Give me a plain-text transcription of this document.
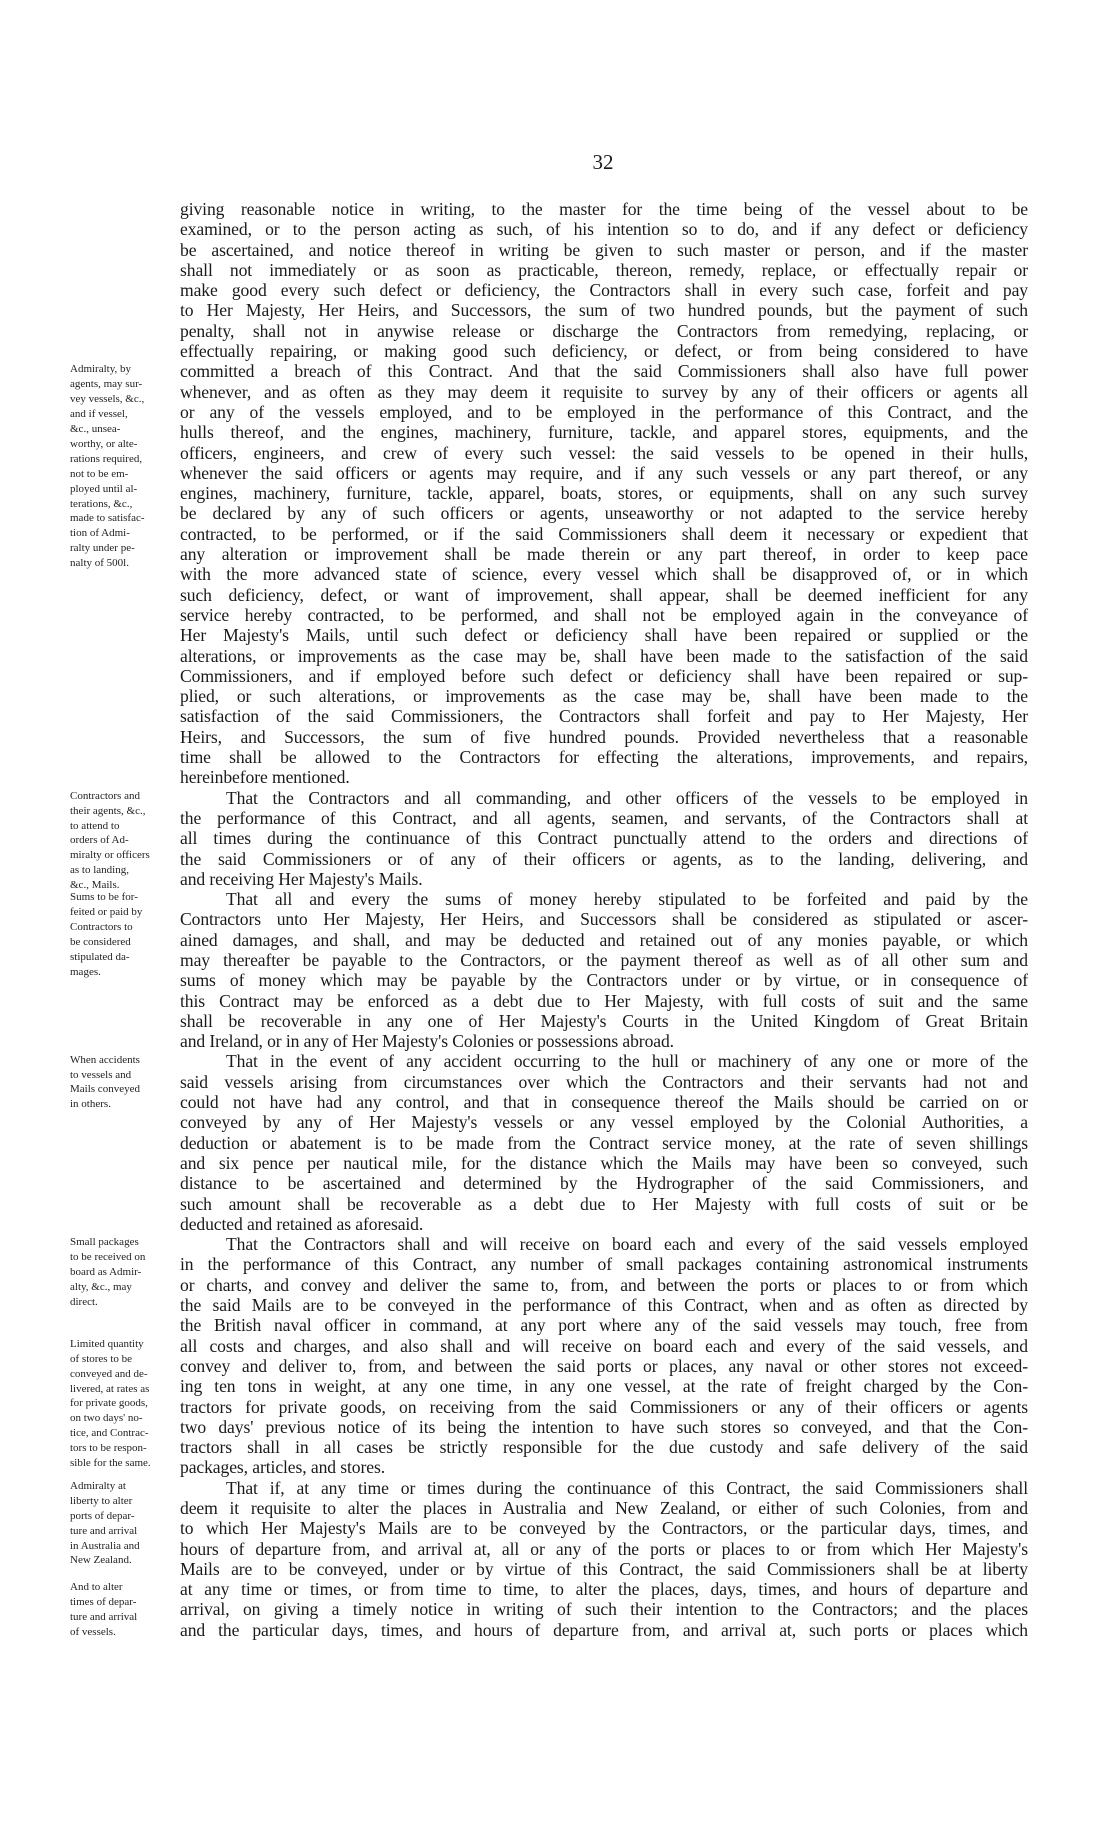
32
giving reasonable notice in writing, to the master for the time being of the vessel about to be
examined, or to the person acting as such, of his intention so to do, and if any defect or deficiency
be ascertained, and notice thereof in writing be given to such master or person, and if the master
shall not immediately or as soon as practicable, thereon, remedy, replace, or effectually repair or
make good every such defect or deficiency, the Contractors shall in every such case, forfeit and pay
to Her Majesty, Her Heirs, and Successors, the sum of two hundred pounds, but the payment of such
penalty, shall not in anywise release or discharge the Contractors from remedying, replacing, or
effectually repairing, or making good such deficiency, or defect, or from being considered to have
committed a breach of this Contract. And that the said Commissioners shall also have full power
whenever, and as often as they may deem it requisite to survey by any of their officers or agents all
or any of the vessels employed, and to be employed in the performance of this Contract, and the
hulls thereof, and the engines, machinery, furniture, tackle, and apparel stores, equipments, and the
officers, engineers, and crew of every such vessel: the said vessels to be opened in their hulls,
whenever the said officers or agents may require, and if any such vessels or any part thereof, or any
engines, machinery, furniture, tackle, apparel, boats, stores, or equipments, shall on any such survey
be declared by any of such officers or agents, unseaworthy or not adapted to the service hereby
contracted, to be performed, or if the said Commissioners shall deem it necessary or expedient that
any alteration or improvement shall be made therein or any part thereof, in order to keep pace
with the more advanced state of science, every vessel which shall be disapproved of, or in which
such deficiency, defect, or want of improvement, shall appear, shall be deemed inefficient for any
service hereby contracted, to be performed, and shall not be employed again in the conveyance of
Her Majesty's Mails, until such defect or deficiency shall have been repaired or supplied or the
alterations, or improvements as the case may be, shall have been made to the satisfaction of the said
Commissioners, and if employed before such defect or deficiency shall have been repaired or sup-
plied, or such alterations, or improvements as the case may be, shall have been made to the
satisfaction of the said Commissioners, the Contractors shall forfeit and pay to Her Majesty, Her
Heirs, and Successors, the sum of five hundred pounds. Provided nevertheless that a reasonable
time shall be allowed to the Contractors for effecting the alterations, improvements, and repairs,
hereinbefore mentioned.
That the Contractors and all commanding, and other officers of the vessels to be employed in
the performance of this Contract, and all agents, seamen, and servants, of the Contractors shall at
all times during the continuance of this Contract punctually attend to the orders and directions of
the said Commissioners or of any of their officers or agents, as to the landing, delivering, and
and receiving Her Majesty's Mails.
That all and every the sums of money hereby stipulated to be forfeited and paid by the
Contractors unto Her Majesty, Her Heirs, and Successors shall be considered as stipulated or ascer-
ained damages, and shall, and may be deducted and retained out of any monies payable, or which
may thereafter be payable to the Contractors, or the payment thereof as well as of all other sum and
sums of money which may be payable by the Contractors under or by virtue, or in consequence of
this Contract may be enforced as a debt due to Her Majesty, with full costs of suit and the same
shall be recoverable in any one of Her Majesty's Courts in the United Kingdom of Great Britain
and Ireland, or in any of Her Majesty's Colonies or possessions abroad.
That in the event of any accident occurring to the hull or machinery of any one or more of the
said vessels arising from circumstances over which the Contractors and their servants had not and
could not have had any control, and that in consequence thereof the Mails should be carried on or
conveyed by any of Her Majesty's vessels or any vessel employed by the Colonial Authorities, a
deduction or abatement is to be made from the Contract service money, at the rate of seven shillings
and six pence per nautical mile, for the distance which the Mails may have been so conveyed, such
distance to be ascertained and determined by the Hydrographer of the said Commissioners, and
such amount shall be recoverable as a debt due to Her Majesty with full costs of suit or be
deducted and retained as aforesaid.
That the Contractors shall and will receive on board each and every of the said vessels employed
in the performance of this Contract, any number of small packages containing astronomical instruments
or charts, and convey and deliver the same to, from, and between the ports or places to or from which
the said Mails are to be conveyed in the performance of this Contract, when and as often as directed by
the British naval officer in command, at any port where any of the said vessels may touch, free from
all costs and charges, and also shall and will receive on board each and every of the said vessels, and
convey and deliver to, from, and between the said ports or places, any naval or other stores not exceed-
ing ten tons in weight, at any one time, in any one vessel, at the rate of freight charged by the Con-
tractors for private goods, on receiving from the said Commissioners or any of their officers or agents
two days' previous notice of its being the intention to have such stores so conveyed, and that the Con-
tractors shall in all cases be strictly responsible for the due custody and safe delivery of the said
packages, articles, and stores.
That if, at any time or times during the continuance of this Contract, the said Commissioners shall
deem it requisite to alter the places in Australia and New Zealand, or either of such Colonies, from and
to which Her Majesty's Mails are to be conveyed by the Contractors, or the particular days, times, and
hours of departure from, and arrival at, all or any of the ports or places to or from which Her Majesty's
Mails are to be conveyed, under or by virtue of this Contract, the said Commissioners shall be at liberty
at any time or times, or from time to time, to alter the places, days, times, and hours of departure and
arrival, on giving a timely notice in writing of such their intention to the Contractors; and the places
and the particular days, times, and hours of departure from, and arrival at, such ports or places which
Admiralty, by
agents, may sur-
vey vessels, &c.,
and if vessel,
&c., unsea-
worthy, or alte-
rations required,
not to be em-
ployed until al-
terations, &c.,
made to satisfac-
tion of Admi-
ralty under pe-
nalty of 500l.
Contractors and
their agents, &c.,
to attend to
orders of Ad-
miralty or officers
as to landing,
&c., Mails.
Sums to be for-
feited or paid by
Contractors to
be considered
stipulated da-
mages.
When accidents
to vessels and
Mails conveyed
in others.
Small packages
to be received on
board as Admir-
alty, &c., may
direct.
Limited quantity
of stores to be
conveyed and de-
livered, at rates as
for private goods,
on two days' no-
tice, and Contrac-
tors to be respon-
sible for the same.
Admiralty at
liberty to alter
ports of depar-
ture and arrival
in Australia and
New Zealand.
And to alter
times of depar-
ture and arrival
of vessels.
